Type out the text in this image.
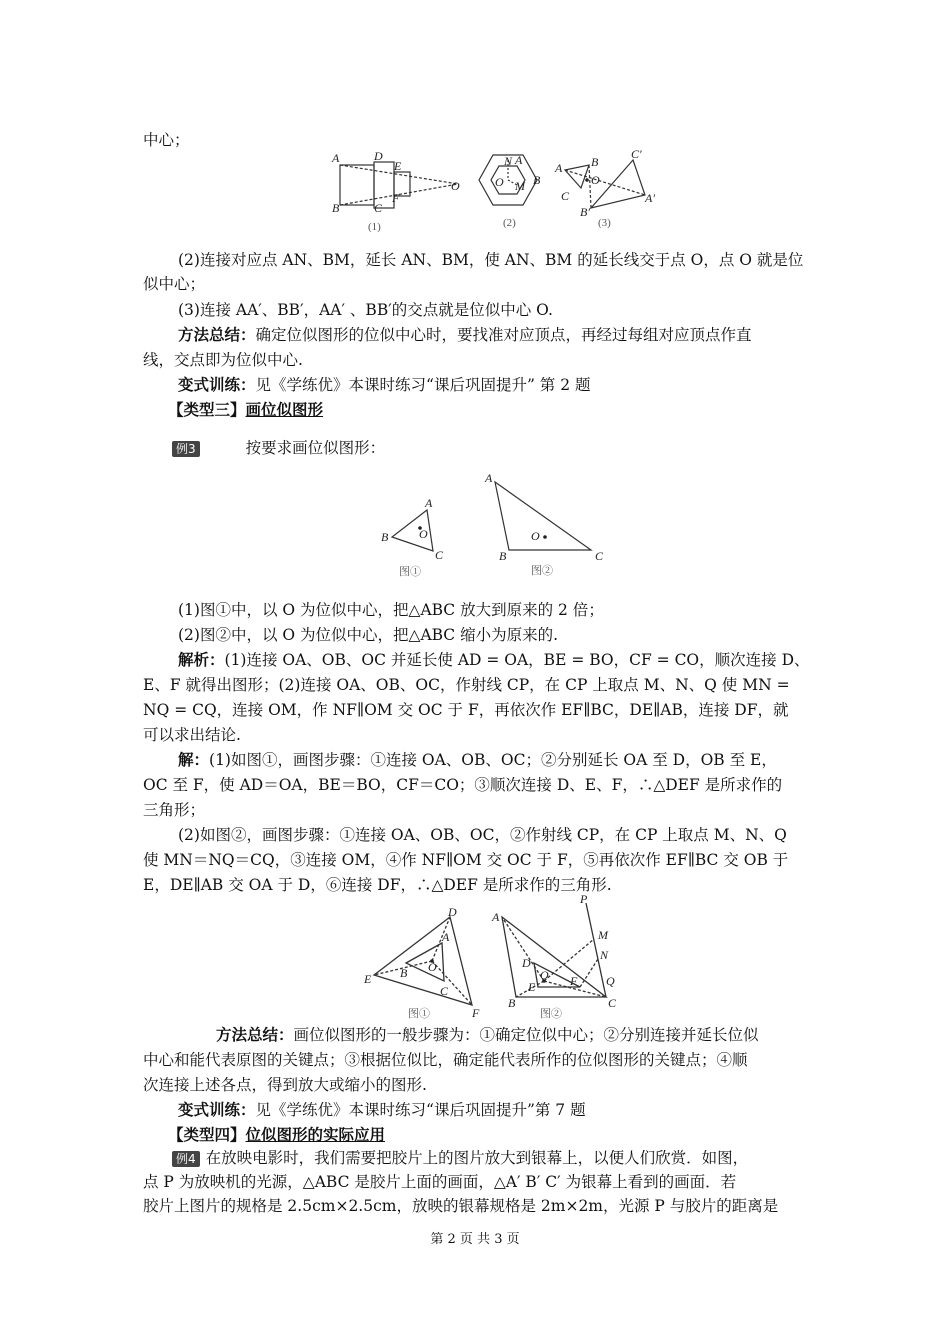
中心；
A	D
E
B	C
F
O
(1)
N
O
A
B
M
(2)
A B
C
O
C′
B′
A′
(3)
(2)连接对应点 AN、BM，延长 AN、BM，使 AN、BM 的延长线交于点 O，点 O 就是位
似中心；
(3)连接 AA′、BB′，AA′ 、BB′的交点就是位似中心 O.
方法总结：确定位似图形的位似中心时，要找准对应顶点，再经过每组对应顶点作直
线，交点即为位似中心.
变式训练：见《学练优》本课时练习“课后巩固提升” 第 2 题
【类型三】画位似图形
例3	按要求画位似图形：
A
O
B
C
图①
A
O
B	C
图②
(1)图①中，以 O 为位似中心，把△ABC 放大到原来的 2 倍；
(2)图②中，以 O 为位似中心，把△ABC 缩小为原来的.
解析：(1)连接 OA、OB、OC 并延长使 AD = OA，BE = BO，CF = CO，顺次连接 D、
E、F 就得出图形；(2)连接 OA、OB、OC，作射线 CP，在 CP 上取点 M、N、Q 使 MN =
NQ = CQ，连接 OM，作 NF∥OM 交 OC 于 F，再依次作 EF∥BC，DE∥AB，连接 DF，就
可以求出结论.
解：(1)如图①，画图步骤：①连接 OA、OB、OC；②分别延长 OA 至 D，OB 至 E，
OC 至 F，使 AD＝OA，BE＝BO，CF＝CO；③顺次连接 D、E、F，∴△DEF 是所求作的
三角形；
(2)如图②，画图步骤：①连接 OA、OB、OC，②作射线 CP，在 CP 上取点 M、N、Q
使 MN＝NQ＝CQ，③连接 OM，④作 NF∥OM 交 OC 于 F，⑤再依次作 EF∥BC 交 OB 于
E，DE∥AB 交 OA 于 D，⑥连接 DF，∴△DEF 是所求作的三角形.
D
A
O
E B
C
F
图①
A
P
M
N
D
Q
O
E	F
B	C
图②
方法总结：画位似图形的一般步骤为：①确定位似中心；②分别连接并延长位似
中心和能代表原图的关键点；③根据位似比，确定能代表所作的位似图形的关键点；④顺
次连接上述各点，得到放大或缩小的图形.
变式训练：见《学练优》本课时练习“课后巩固提升”第 7 题
【类型四】位似图形的实际应用
例4 在放映电影时，我们需要把胶片上的图片放大到银幕上，以便人们欣赏．如图，
点 P 为放映机的光源，△ABC 是胶片上面的画面，△A′ B′ C′ 为银幕上看到的画面．若
胶片上图片的规格是 2.5cm×2.5cm，放映的银幕规格是 2m×2m，光源 P 与胶片的距离是
第 2 页 共 3 页
